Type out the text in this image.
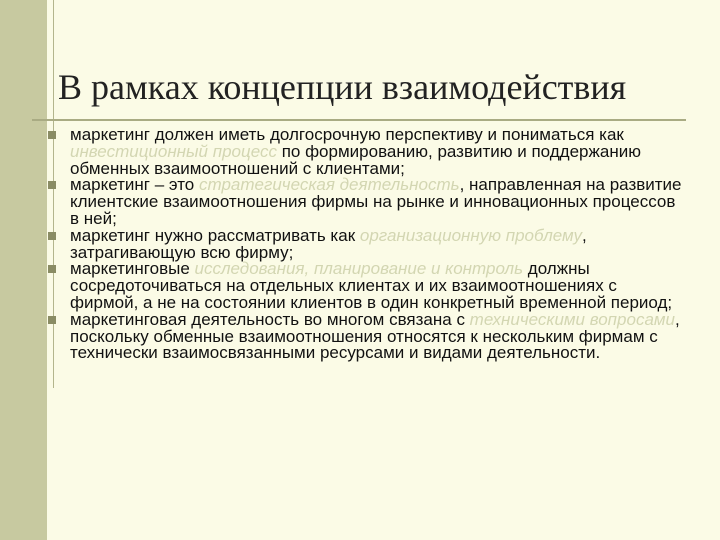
В рамках концепции взаимодействия
маркетинг должен иметь долгосрочную перспективу и пониматься как инвестиционный процесс по формированию, развитию и поддержанию обменных взаимоотношений с клиентами;
маркетинг – это стратегическая деятельность, направленная на развитие клиентские взаимоотношения фирмы на рынке и инновационных процессов в ней;
маркетинг нужно рассматривать как организационную проблему, затрагивающую всю фирму;
маркетинговые исследования, планирование и контроль должны сосредоточиваться на отдельных клиентах и их взаимоотношениях с фирмой, а не на состоянии клиентов в один конкретный временной период;
маркетинговая деятельность во многом связана с техническими вопросами, поскольку обменные взаимоотношения относятся к нескольким фирмам с технически взаимосвязанными ресурсами и видами деятельности.
